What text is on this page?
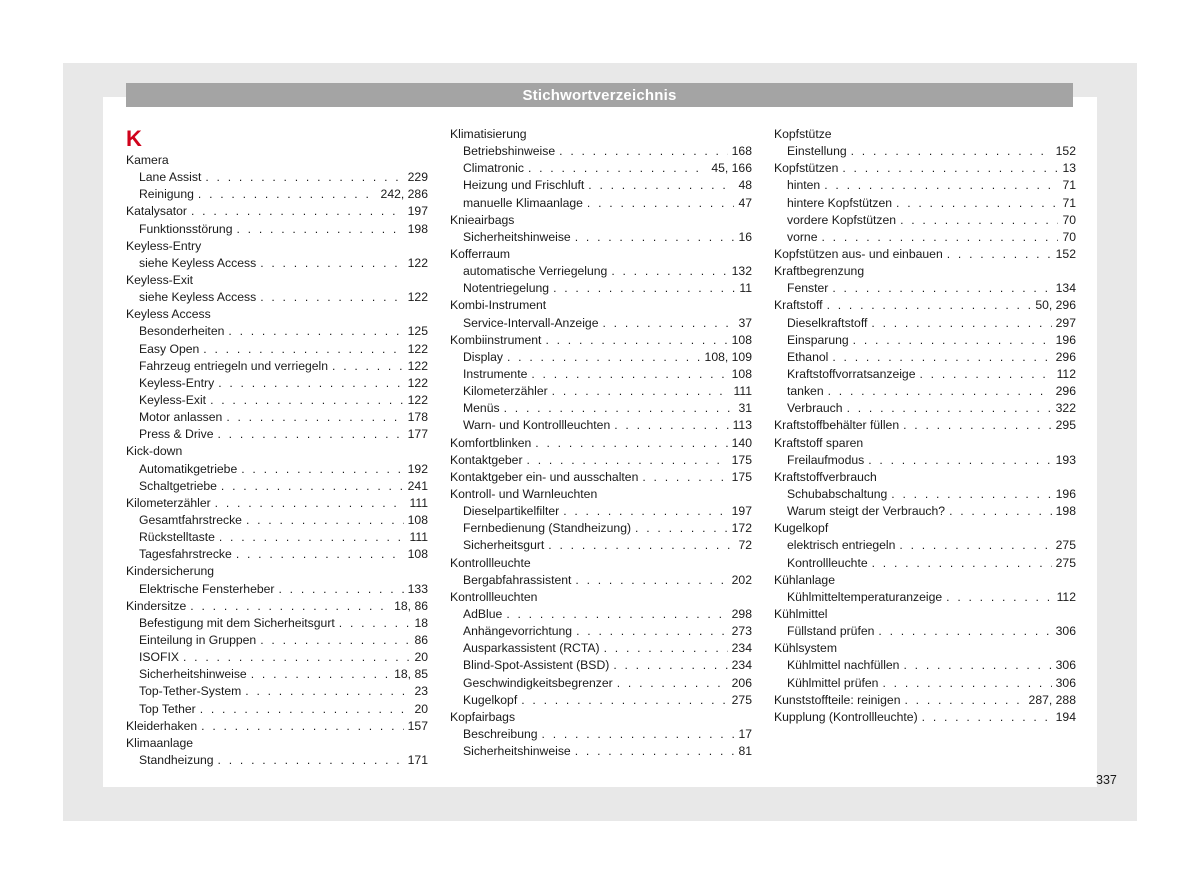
Stichwortverzeichnis
K
Kamera
Lane Assist . . .	229
Reinigung . . .	242, 286
Katalysator . . .	197
Funktionsstörung . . .	198
Keyless-Entry
siehe Keyless Access . . .	122
Keyless-Exit
siehe Keyless Access . . .	122
Keyless Access
Besonderheiten . . .	125
Easy Open . . .	122
Fahrzeug entriegeln und verriegeln . . .	122
Keyless-Entry . . .	122
Keyless-Exit . . .	122
Motor anlassen . . .	178
Press & Drive . . .	177
Kick-down
Automatikgetriebe . . .	192
Schaltgetriebe . . .	241
Kilometerzähler . . .	111
Gesamtfahrstrecke . . .	108
Rückstelltaste . . .	111
Tagesfahrstrecke . . .	108
Kindersicherung
Elektrische Fensterheber . . .	133
Kindersitze . . .	18, 86
Befestigung mit dem Sicherheitsgurt . . .	18
Einteilung in Gruppen . . .	86
ISOFIX . . .	20
Sicherheitshinweise . . .	18, 85
Top-Tether-System . . .	23
Top Tether . . .	20
Kleiderhaken . . .	157
Klimaanlage
Standheizung . . .	171
Klimatisierung
Betriebshinweise . . .	168
Climatronic . . .	45, 166
Heizung und Frischluft . . .	48
manuelle Klimaanlage . . .	47
Knieairbags
Sicherheitshinweise . . .	16
Kofferraum
automatische Verriegelung . . .	132
Notentriegelung . . .	11
Kombi-Instrument
Service-Intervall-Anzeige . . .	37
Kombiinstrument . . .	108
Display . . .	108, 109
Instrumente . . .	108
Kilometerzähler . . .	111
Menüs . . .	31
Warn- und Kontrollleuchten . . .	113
Komfortblinken . . .	140
Kontaktgeber . . .	175
Kontaktgeber ein- und ausschalten . . .	175
Kontroll- und Warnleuchten
Dieselpartikelfilter . . .	197
Fernbedienung (Standheizung) . . .	172
Sicherheitsgurt . . .	72
Kontrollleuchte
Bergabfahrassistent . . .	202
Kontrollleuchten
AdBlue . . .	298
Anhängevorrichtung . . .	273
Ausparkassistent (RCTA) . . .	234
Blind-Spot-Assistent (BSD) . . .	234
Geschwindigkeitsbegrenzer . . .	206
Kugelkopf . . .	275
Kopfairbags
Beschreibung . . .	17
Sicherheitshinweise . . .	81
Kopfstütze
Einstellung . . .	152
Kopfstützen . . .	13
hinten . . .	71
hintere Kopfstützen . . .	71
vordere Kopfstützen . . .	70
vorne . . .	70
Kopfstützen aus- und einbauen . . .	152
Kraftbegrenzung
Fenster . . .	134
Kraftstoff . . .	50, 296
Dieselkraftstoff . . .	297
Einsparung . . .	196
Ethanol . . .	296
Kraftstoffvorratsanzeige . . .	112
tanken . . .	296
Verbrauch . . .	322
Kraftstoffbehälter füllen . . .	295
Kraftstoff sparen
Freilaufmodus . . .	193
Kraftstoffverbrauch
Schubabschaltung . . .	196
Warum steigt der Verbrauch? . . .	198
Kugelkopf
elektrisch entriegeln . . .	275
Kontrollleuchte . . .	275
Kühlanlage
Kühlmitteltemperaturanzeige . . .	112
Kühlmittel
Füllstand prüfen . . .	306
Kühlsystem
Kühlmittel nachfüllen . . .	306
Kühlmittel prüfen . . .	306
Kunststoffteile: reinigen . . .	287, 288
Kupplung (Kontrollleuchte) . . .	194
337
